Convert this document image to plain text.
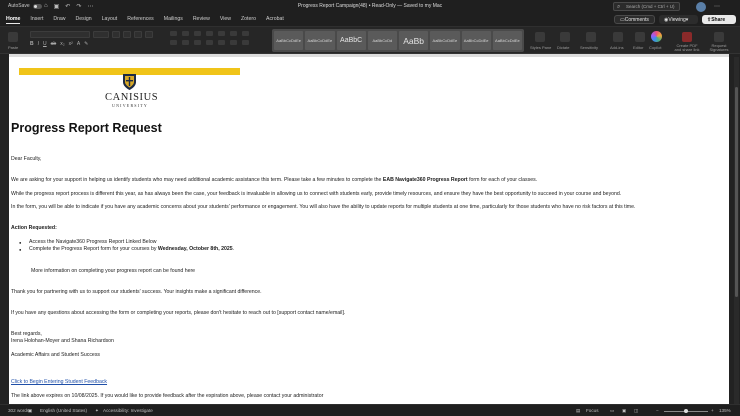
AutoSave ⌂ ▣ ↶ ↷ ⋯	Progress Report Campaign(48) • Read-Only — Saved to my Mac	⌕ Search (Cmd + Ctrl + U)	⋯
Home Insert Draw Design Layout References Mailings Review View Zotero Acrobat	▭ Comments	◉ Viewing ▾	⇧ Share
Paste
B I U ab x₂ x² A ✎
AaBbCcDdEe	AaBbCcDdEe	AaBbC	AaBbCcDd	AaBb	AaBbCcDdEe	AaBbCcDdEe	AaBbCcDdEe
Styles Pane Dictate	Sensitivity	Add-ins Editor Copilot	Create PDF and share link
Request Signatures
CANISIUS
UNIVERSITY
Progress Report Request
Dear Faculty,
We are asking for your support in helping us identify students who may need additional academic assistance this term. Please take a few minutes to complete the EAB Navigate360 Progress Report form for each of your classes.
While the progress report process is different this year, as has always been the case, your feedback is invaluable in allowing us to connect with students early, provide timely resources, and ensure they have the best opportunity to succeed in your course and beyond.
In the form, you will be able to indicate if you have any academic concerns about your students' performance or engagement. You will also have the ability to update reports for multiple students at one time, particularly for those students who have no risk factors at this time.
Action Requested:
● Access the Navigate360 Progress Report Linked Below
● Complete the Progress Report form for your courses by Wednesday, October 8th, 2025.
More information on completing your progress report can be found here
Thank you for partnering with us to support our students' success. Your insights make a significant difference.
If you have any questions about accessing the form or completing your reports, please don't hesitate to reach out to [support contact name/email].
Best regards,
Irena Holohan-Moyer and Shana Richardson
Academic Affairs and Student Success
Click to Begin Entering Student Feedback
The link above expires on 10/08/2025. If you would like to provide feedback after the expiration above, please contact your administrator
302 words
▣ English (United States) ✦ Accessibility: Investigate	▤ Focus ▭ ▣ ◫	−	+ 135%
